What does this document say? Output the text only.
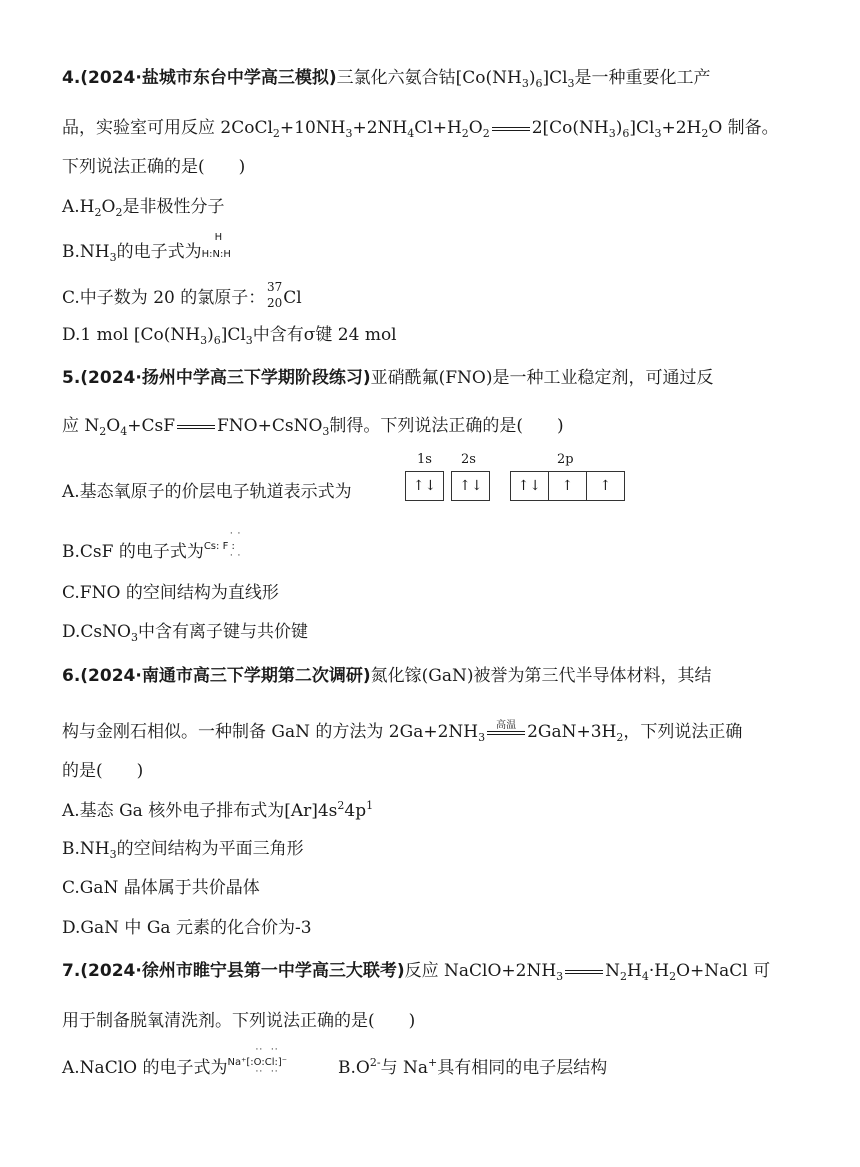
4.(2024·盐城市东台中学高三模拟)三氯化六氨合钴$[Co(NH_3)_6]Cl_3$是一种重要化工产
品，实验室可用反应 $2CoCl_2+10NH_3+2NH_4Cl+H_2O_2$ $2[Co(NH_3)_6]Cl_3+2H_2O$ 制备。
下列说法正确的是(　　)
$A.H_2O_2$是非极性分子
$B.NH_3$的电子式为
H
H:N:H
C.中子数为 20 的氯原子：
37
20 Cl
D.1 mol $[Co(NH_3)_6]Cl_3$中含有σ键 24 mol
5.(2024·扬州中学高三下学期阶段练习)亚硝酰氟(FNO)是一种工业稳定剂，可通过反
应 $N_2O_4+CsF$ FNO+CsNO$_3$制得。下列说法正确的是(　　)
A.基态氧原子的价层电子轨道表示式为
1s 2s	2p
↑↓ ↑↓ ↑↓ ↑ ↑
B.CsF 的电子式为
· ·
Cs: F :
· ·
C.FNO 的空间结构为直线形
D.CsNO$_3$中含有离子键与共价键
6.(2024·南通市高三下学期第二次调研)氮化镓(GaN)被誉为第三代半导体材料，其结
构与金刚石相似。一种制备 GaN 的方法为 $2Ga+2NH_3$
高温 $2GaN+3H_2$，下列说法正确
的是(　　)
A.基态 Ga 核外电子排布式为$[Ar]4s^24p^1$
$B.NH_3$的空间结构为平面三角形
C.GaN 晶体属于共价晶体
D.GaN 中 Ga 元素的化合价为-3
7.(2024·徐州市睢宁县第一中学高三大联考)反应 $NaClO+2NH_3$ $N_2H_4\cdot H_2O+NaCl$ 可
用于制备脱氧清洗剂。下列说法正确的是(　　)
A.NaClO 的电子式为
··  ··
Na⁺[:O:Cl:]⁻
··  ··	$B.O^{2-}$与 Na+具有相同的电子层结构
